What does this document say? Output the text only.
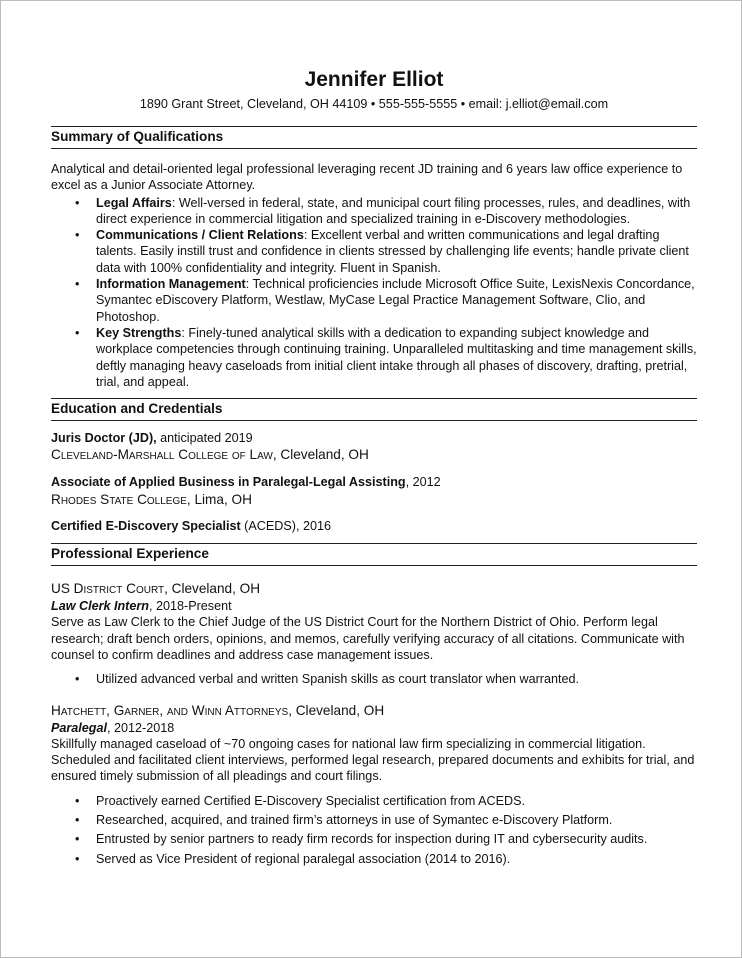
Jennifer Elliot

1890 Grant Street, Cleveland, OH 44109 • 555-555-5555 • email: j.elliot@email.com

Summary of Qualifications

Analytical and detail-oriented legal professional leveraging recent JD training and 6 years law office experience to excel as a Junior Associate Attorney.

• Legal Affairs: Well-versed in federal, state, and municipal court filing processes, rules, and deadlines, with direct experience in commercial litigation and specialized training in e-Discovery methodologies.
• Communications / Client Relations: Excellent verbal and written communications and legal drafting talents. Easily instill trust and confidence in clients stressed by challenging life events; handle private client data with 100% confidentiality and integrity. Fluent in Spanish.
• Information Management: Technical proficiencies include Microsoft Office Suite, LexisNexis Concordance, Symantec eDiscovery Platform, Westlaw, MyCase Legal Practice Management Software, Clio, and Photoshop.
• Key Strengths: Finely-tuned analytical skills with a dedication to expanding subject knowledge and workplace competencies through continuing training. Unparalleled multitasking and time management skills, deftly managing heavy caseloads from initial client intake through all phases of discovery, drafting, pretrial, trial, and appeal.
Education and Credentials

Juris Doctor (JD), anticipated 2019

Cleveland-Marshall College of Law, Cleveland, OH

Associate of Applied Business in Paralegal-Legal Assisting, 2012

Rhodes State College, Lima, OH

Certified E-Discovery Specialist (ACEDS), 2016

Professional Experience

US District Court, Cleveland, OH

Law Clerk Intern, 2018-Present

Serve as Law Clerk to the Chief Judge of the US District Court for the Northern District of Ohio. Perform legal research; draft bench orders, opinions, and memos, carefully verifying accuracy of all citations. Communicate with counsel to confirm deadlines and address case management issues.

• Utilized advanced verbal and written Spanish skills as court translator when warranted.

Hatchett, Garner, and Winn Attorneys, Cleveland, OH

Paralegal, 2012-2018

Skillfully managed caseload of ~70 ongoing cases for national law firm specializing in commercial litigation. Scheduled and facilitated client interviews, performed legal research, prepared documents and exhibits for trial, and ensured timely submission of all pleadings and court filings.

• Proactively earned Certified E-Discovery Specialist certification from ACEDS.
• Researched, acquired, and trained firm’s attorneys in use of Symantec e-Discovery Platform.
• Entrusted by senior partners to ready firm records for inspection during IT and cybersecurity audits.
• Served as Vice President of regional paralegal association (2014 to 2016).
